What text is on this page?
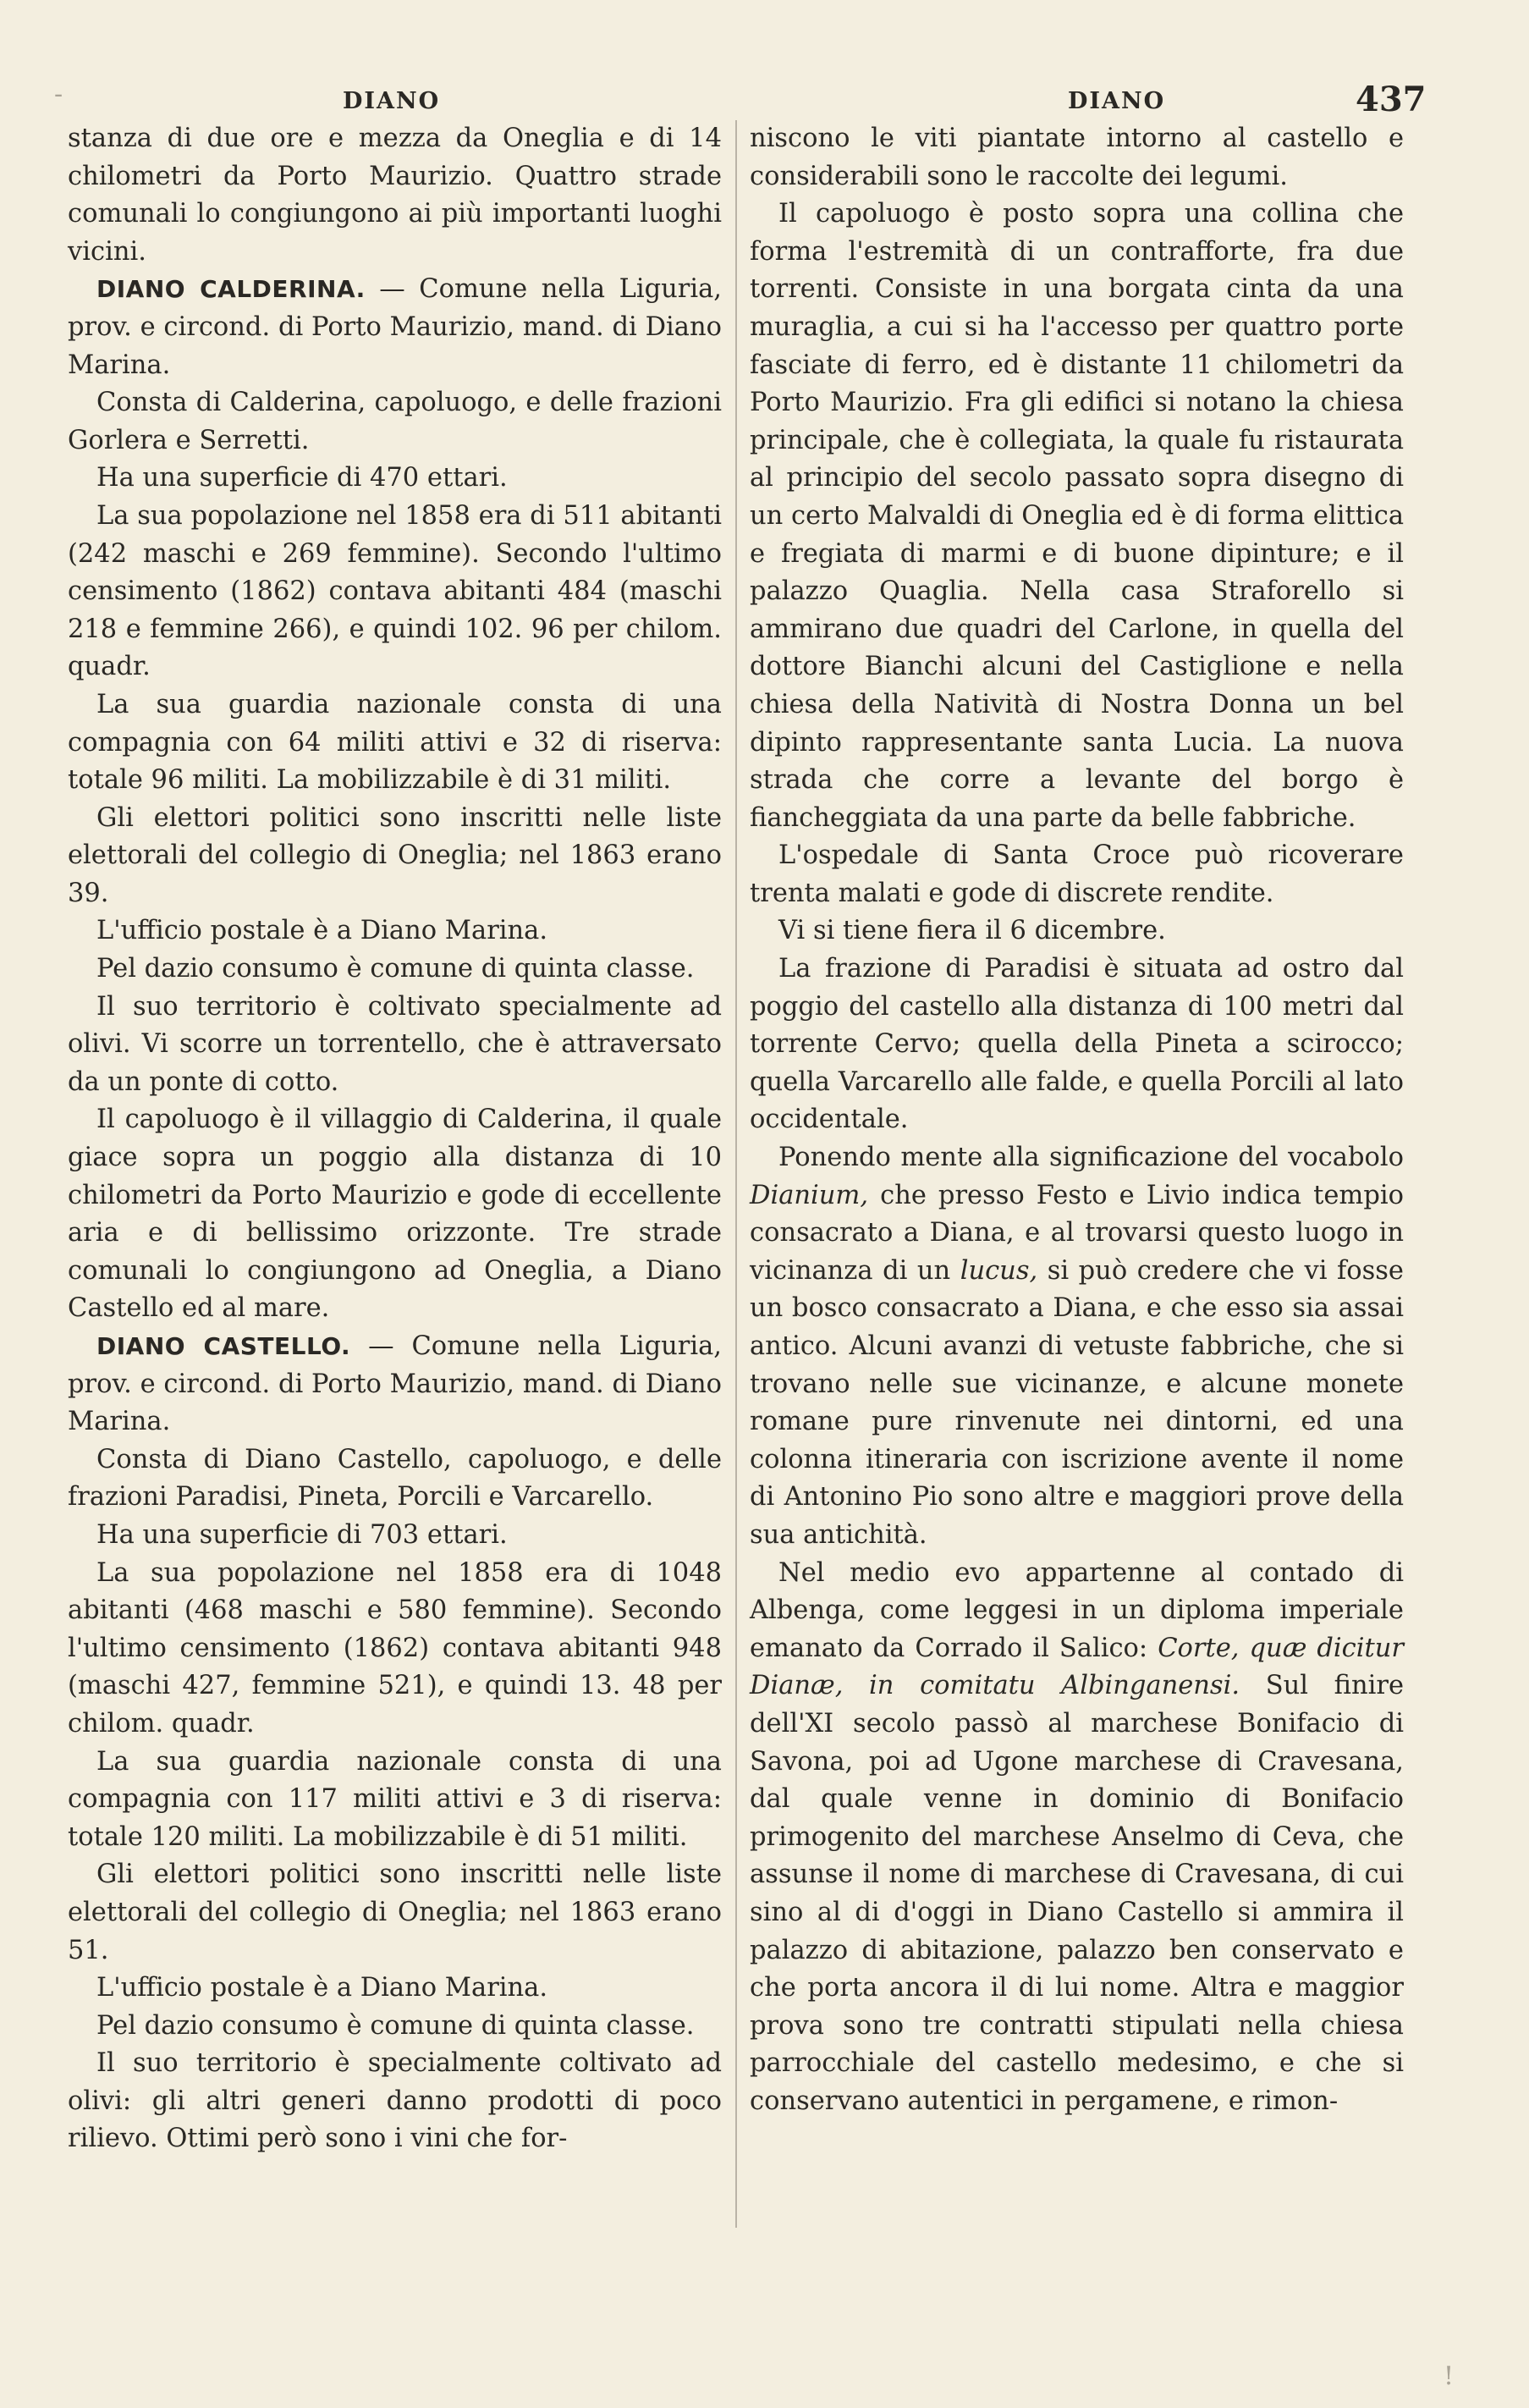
-	DIANO	DIANO	437

stanza di due ore e mezza da Oneglia e di 14 chilometri da Porto Maurizio. Quattro strade comunali lo congiungono ai più importanti luoghi vicini.

DIANO CALDERINA. — Comune nella Liguria, prov. e circond. di Porto Maurizio, mand. di Diano Marina.

Consta di Calderina, capoluogo, e delle frazioni Gorlera e Serretti.

Ha una superficie di 470 ettari.

La sua popolazione nel 1858 era di 511 abitanti (242 maschi e 269 femmine). Secondo l'ultimo censimento (1862) contava abitanti 484 (maschi 218 e femmine 266), e quindi 102. 96 per chilom. quadr.

La sua guardia nazionale consta di una compagnia con 64 militi attivi e 32 di riserva: totale 96 militi. La mobilizzabile è di 31 militi.

Gli elettori politici sono inscritti nelle liste elettorali del collegio di Oneglia; nel 1863 erano 39.

L'ufficio postale è a Diano Marina.

Pel dazio consumo è comune di quinta classe.

Il suo territorio è coltivato specialmente ad olivi. Vi scorre un torrentello, che è attraversato da un ponte di cotto.

Il capoluogo è il villaggio di Calderina, il quale giace sopra un poggio alla distanza di 10 chilometri da Porto Maurizio e gode di eccellente aria e di bellissimo orizzonte. Tre strade comunali lo congiungono ad Oneglia, a Diano Castello ed al mare.

DIANO CASTELLO. — Comune nella Liguria, prov. e circond. di Porto Maurizio, mand. di Diano Marina.

Consta di Diano Castello, capoluogo, e delle frazioni Paradisi, Pineta, Porcili e Varcarello.

Ha una superficie di 703 ettari.

La sua popolazione nel 1858 era di 1048 abitanti (468 maschi e 580 femmine). Secondo l'ultimo censimento (1862) contava abitanti 948 (maschi 427, femmine 521), e quindi 13. 48 per chilom. quadr.

La sua guardia nazionale consta di una compagnia con 117 militi attivi e 3 di riserva: totale 120 militi. La mobilizzabile è di 51 militi.

Gli elettori politici sono inscritti nelle liste elettorali del collegio di Oneglia; nel 1863 erano 51.

L'ufficio postale è a Diano Marina.

Pel dazio consumo è comune di quinta classe.

Il suo territorio è specialmente coltivato ad olivi: gli altri generi danno prodotti di poco rilievo. Ottimi però sono i vini che for-

niscono le viti piantate intorno al castello e considerabili sono le raccolte dei legumi.

Il capoluogo è posto sopra una collina che forma l'estremità di un contrafforte, fra due torrenti. Consiste in una borgata cinta da una muraglia, a cui si ha l'accesso per quattro porte fasciate di ferro, ed è distante 11 chilometri da Porto Maurizio. Fra gli edifici si notano la chiesa principale, che è collegiata, la quale fu ristaurata al principio del secolo passato sopra disegno di un certo Malvaldi di Oneglia ed è di forma elittica e fregiata di marmi e di buone dipinture; e il palazzo Quaglia. Nella casa Straforello si ammirano due quadri del Carlone, in quella del dottore Bianchi alcuni del Castiglione e nella chiesa della Natività di Nostra Donna un bel dipinto rappresentante santa Lucia. La nuova strada che corre a levante del borgo è fiancheggiata da una parte da belle fabbriche.

L'ospedale di Santa Croce può ricoverare trenta malati e gode di discrete rendite.

Vi si tiene fiera il 6 dicembre.

La frazione di Paradisi è situata ad ostro dal poggio del castello alla distanza di 100 metri dal torrente Cervo; quella della Pineta a scirocco; quella Varcarello alle falde, e quella Porcili al lato occidentale.

Ponendo mente alla significazione del vocabolo Dianium, che presso Festo e Livio indica tempio consacrato a Diana, e al trovarsi questo luogo in vicinanza di un lucus, si può credere che vi fosse un bosco consacrato a Diana, e che esso sia assai antico. Alcuni avanzi di vetuste fabbriche, che si trovano nelle sue vicinanze, e alcune monete romane pure rinvenute nei dintorni, ed una colonna itineraria con iscrizione avente il nome di Antonino Pio sono altre e maggiori prove della sua antichità.

Nel medio evo appartenne al contado di Albenga, come leggesi in un diploma imperiale emanato da Corrado il Salico: Corte, quæ dicitur Dianæ, in comitatu Albinganensi. Sul finire dell'XI secolo passò al marchese Bonifacio di Savona, poi ad Ugone marchese di Cravesana, dal quale venne in dominio di Bonifacio primogenito del marchese Anselmo di Ceva, che assunse il nome di marchese di Cravesana, di cui sino al di d'oggi in Diano Castello si ammira il palazzo di abitazione, palazzo ben conservato e che porta ancora il di lui nome. Altra e maggior prova sono tre contratti stipulati nella chiesa parrocchiale del castello medesimo, e che si conservano autentici in pergamene, e rimon-

!
